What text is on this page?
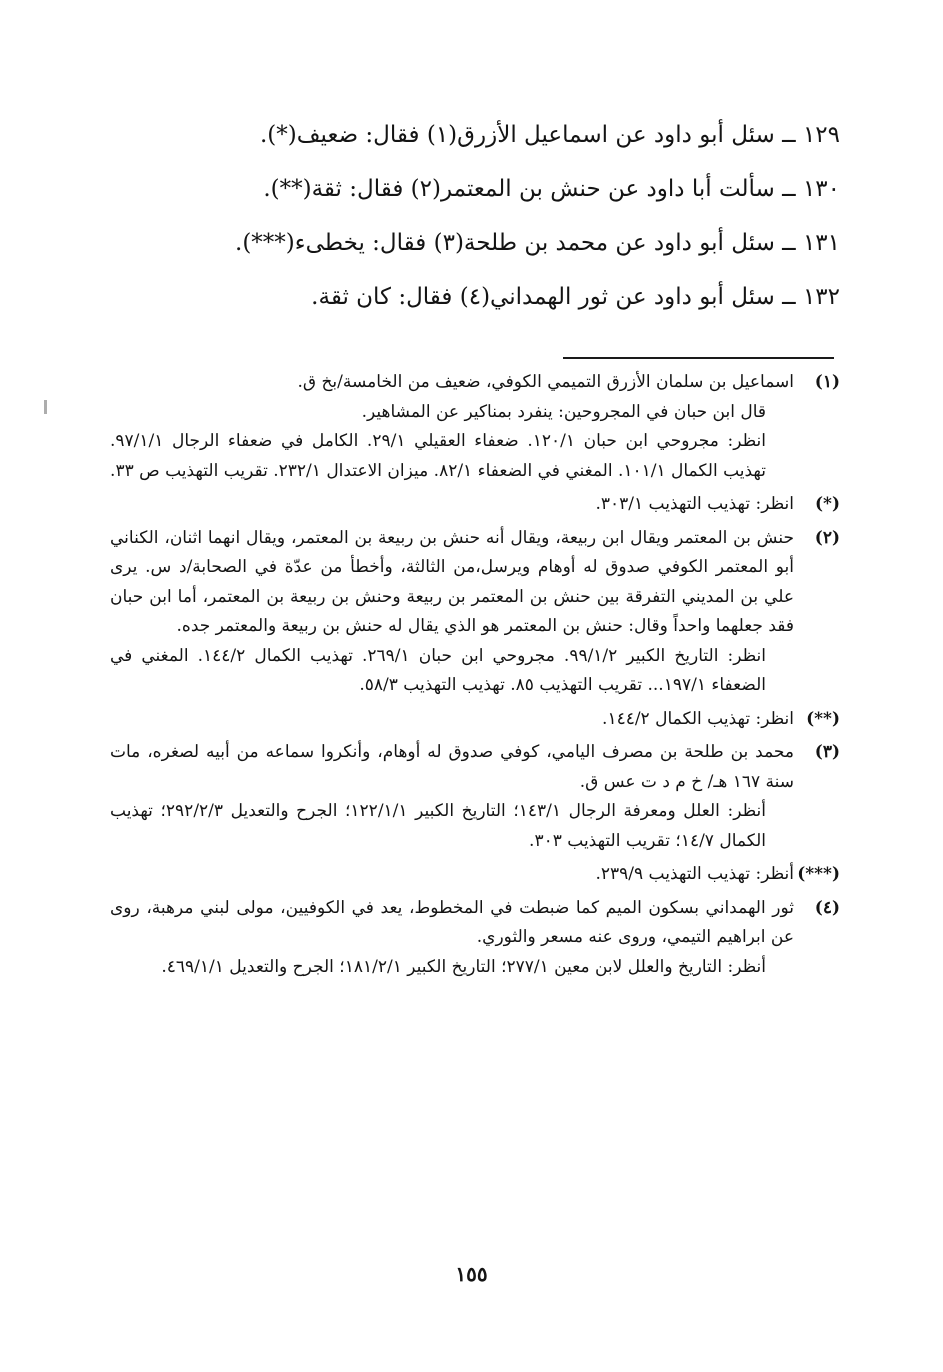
١٢٩ ــ سئل أبو داود عن اسماعيل الأزرق(١) فقال: ضعيف(*).
١٣٠ ــ سألت أبا داود عن حنش بن المعتمر(٢) فقال: ثقة(**).
١٣١ ــ سئل أبو داود عن محمد بن طلحة(٣) فقال: يخطىء(***).
١٣٢ ــ سئل أبو داود عن ثور الهمداني(٤) فقال: كان ثقة.
(١)

اسماعيل بن سلمان الأزرق التميمي الكوفي، ضعيف من الخامسة/بخ ق.

قال ابن حبان في المجروحين: ينفرد بمناكير عن المشاهير.

انظر: مجروحي ابن حبان ١٢٠/١. ضعفاء العقيلي ٢٩/١. الكامل في ضعفاء الرجال ٩٧/١/١. تهذيب الكمال ١٠١/١. المغني في الضعفاء ٨٢/١. ميزان الاعتدال ٢٣٢/١. تقريب التهذيب ص ٣٣.

(*)

انظر: تهذيب التهذيب ٣٠٣/١.

(٢)

حنش بن المعتمر ويقال ابن ربيعة، ويقال أنه حنش بن ربيعة بن المعتمر، ويقال انهما اثنان، الكناني أبو المعتمر الكوفي صدوق له أوهام ويرسل،من الثالثة، وأخطأ من عدّة في الصحابة/د س. يرى علي بن المديني التفرقة بين حنش بن المعتمر بن ربيعة وحنش بن ربيعة بن المعتمر، أما ابن حبان فقد جعلهما واحداً وقال: حنش بن المعتمر هو الذي يقال له حنش بن ربيعة والمعتمر جده.

انظر: التاريخ الكبير ٩٩/١/٢. مجروحي ابن حبان ٢٦٩/١. تهذيب الكمال ١٤٤/٢. المغني في الضعفاء ١٩٧/١... تقريب التهذيب ٨٥. تهذيب التهذيب ٥٨/٣.

(**)

انظر: تهذيب الكمال ١٤٤/٢.

(٣)

محمد بن طلحة بن مصرف اليامي، كوفي صدوق له أوهام، وأنكروا سماعه من أبيه لصغره، مات سنة ١٦٧ هـ/ خ م د ت عس ق.

أنظر: العلل ومعرفة الرجال ١٤٣/١؛ التاريخ الكبير ١٢٢/١/١؛ الجرح والتعديل ٢٩٢/٢/٣؛ تهذيب الكمال ١٤/٧؛ تقريب التهذيب ٣٠٣.

(***)

أنظر: تهذيب التهذيب ٢٣٩/٩.

(٤)

ثور الهمداني بسكون الميم كما ضبطت في المخطوط، يعد في الكوفيين، مولى لبني مرهبة، روى عن ابراهيم التيمي، وروى عنه مسعر والثوري.

أنظر: التاريخ والعلل لابن معين ٢٧٧/١؛ التاريخ الكبير ١٨١/٢/١؛ الجرح والتعديل ٤٦٩/١/١.

١٥٥
